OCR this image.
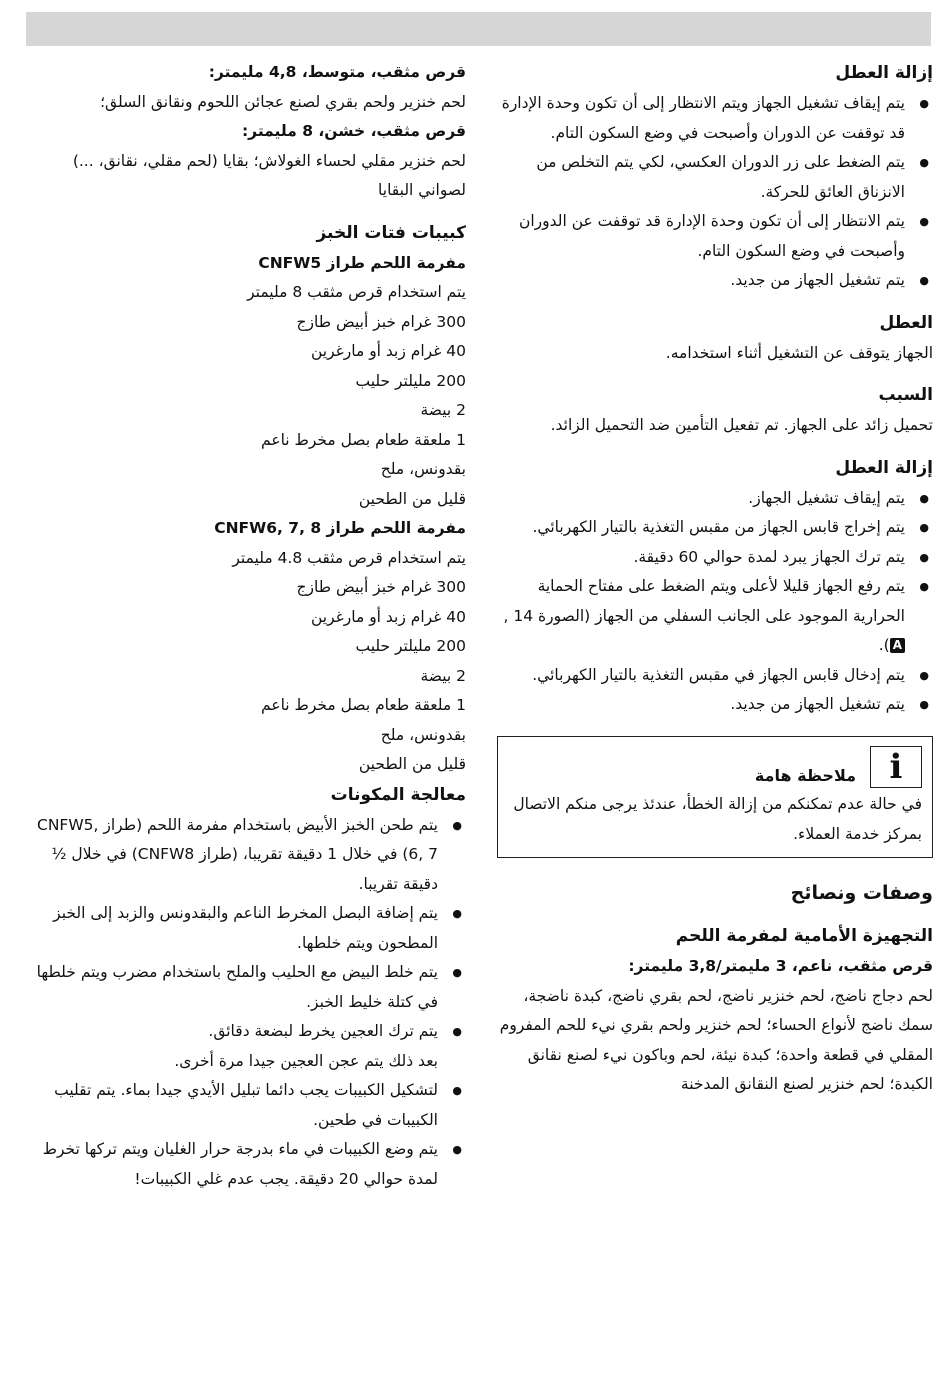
إزالة العطل
● يتم إيقاف تشغيل الجهاز ويتم الانتظار إلى أن تكون وحدة الإدارة قد توقفت عن الدوران وأصبحت في وضع السكون التام.
● يتم الضغط على زر الدوران العكسي، لكي يتم التخلص من الانزناق العائق للحركة.
● يتم الانتظار إلى أن تكون وحدة الإدارة قد توقفت عن الدوران وأصبحت في وضع السكون التام.
● يتم تشغيل الجهاز من جديد.
العطل

الجهاز يتوقف عن التشغيل أثناء استخدامه.

السبب

تحميل زائد على الجهاز. تم تفعيل التأمين ضد التحميل الزائد.

إزالة العطل
● يتم إيقاف تشغيل الجهاز.
● يتم إخراج قابس الجهاز من مقبس التغذية بالتيار الكهربائي.
● يتم ترك الجهاز يبرد لمدة حوالي 60 دقيقة.
● يتم رفع الجهاز قليلا لأعلى ويتم الضغط على مفتاح الحماية الحرارية الموجود على الجانب السفلي من الجهاز (الصورة 14 , A).
● يتم إدخال قابس الجهاز في مقبس التغذية بالتيار الكهربائي.
● يتم تشغيل الجهاز من جديد.
i
ملاحظة هامة

في حالة عدم تمكنكم من إزالة الخطأ، عندئذ يرجى منكم الاتصال بمركز خدمة العملاء.

وصفات ونصائح
التجهيزة الأمامية لمفرمة اللحم
قرص مثقب، ناعم، 3 مليمتر/3,8 مليمتر:

لحم دجاج ناضج، لحم خنزير ناضج، لحم بقري ناضج، كبدة ناضجة، سمك ناضج لأنواع الحساء؛ لحم خنزير ولحم بقري نيء للحم المفروم المقلي في قطعة واحدة؛ كبدة نيئة، لحم وباكون نيء لصنع نقانق الكبدة؛ لحم خنزير لصنع النقانق المدخنة

قرص مثقب، متوسط، 4,8 مليمتر:

لحم خنزير ولحم بقري لصنع عجائن اللحوم ونقانق السلق؛

قرص مثقب، خشن، 8 مليمتر:

لحم خنزير مقلي لحساء الغولاش؛ بقايا (لحم مقلي، نقانق، ...) لصواني البقايا

كبيبات فتات الخبز
مفرمة اللحم طراز CNFW5

يتم استخدام قرص مثقب 8 مليمتر

300 غرام خبز أبيض طازج

40 غرام زبد أو مارغرين

200 مليلتر حليب

2 بيضة

1 ملعقة طعام بصل مخرط ناعم

بقدونس، ملح

قليل من الطحين

مفرمة اللحم طراز CNFW6, 7, 8

يتم استخدام قرص مثقب 4.8 مليمتر

300 غرام خبز أبيض طازج

40 غرام زبد أو مارغرين

200 مليلتر حليب

2 بيضة

1 ملعقة طعام بصل مخرط ناعم

بقدونس، ملح

قليل من الطحين

معالجة المكونات
● يتم طحن الخبز الأبيض باستخدام مفرمة اللحم (طراز CNFW5, 6, 7) في خلال 1 دقيقة تقريبا، (طراز CNFW8) في خلال ½ دقيقة تقريبا.
● يتم إضافة البصل المخرط الناعم والبقدونس والزبد إلى الخبز المطحون ويتم خلطها.
● يتم خلط البيض مع الحليب والملح باستخدام مضرب ويتم خلطها في كتلة خليط الخبز.
● يتم ترك العجين يخرط لبضعة دقائق.

بعد ذلك يتم عجن العجين جيدا مرة أخرى.

● لتشكيل الكبيبات يجب دائما تبليل الأيدي جيدا بماء. يتم تقليب الكبيبات في طحين.
● يتم وضع الكبيبات في ماء بدرجة حرار الغليان ويتم تركها تخرط لمدة حوالي 20 دقيقة. يجب عدم غلي الكبيبات!
